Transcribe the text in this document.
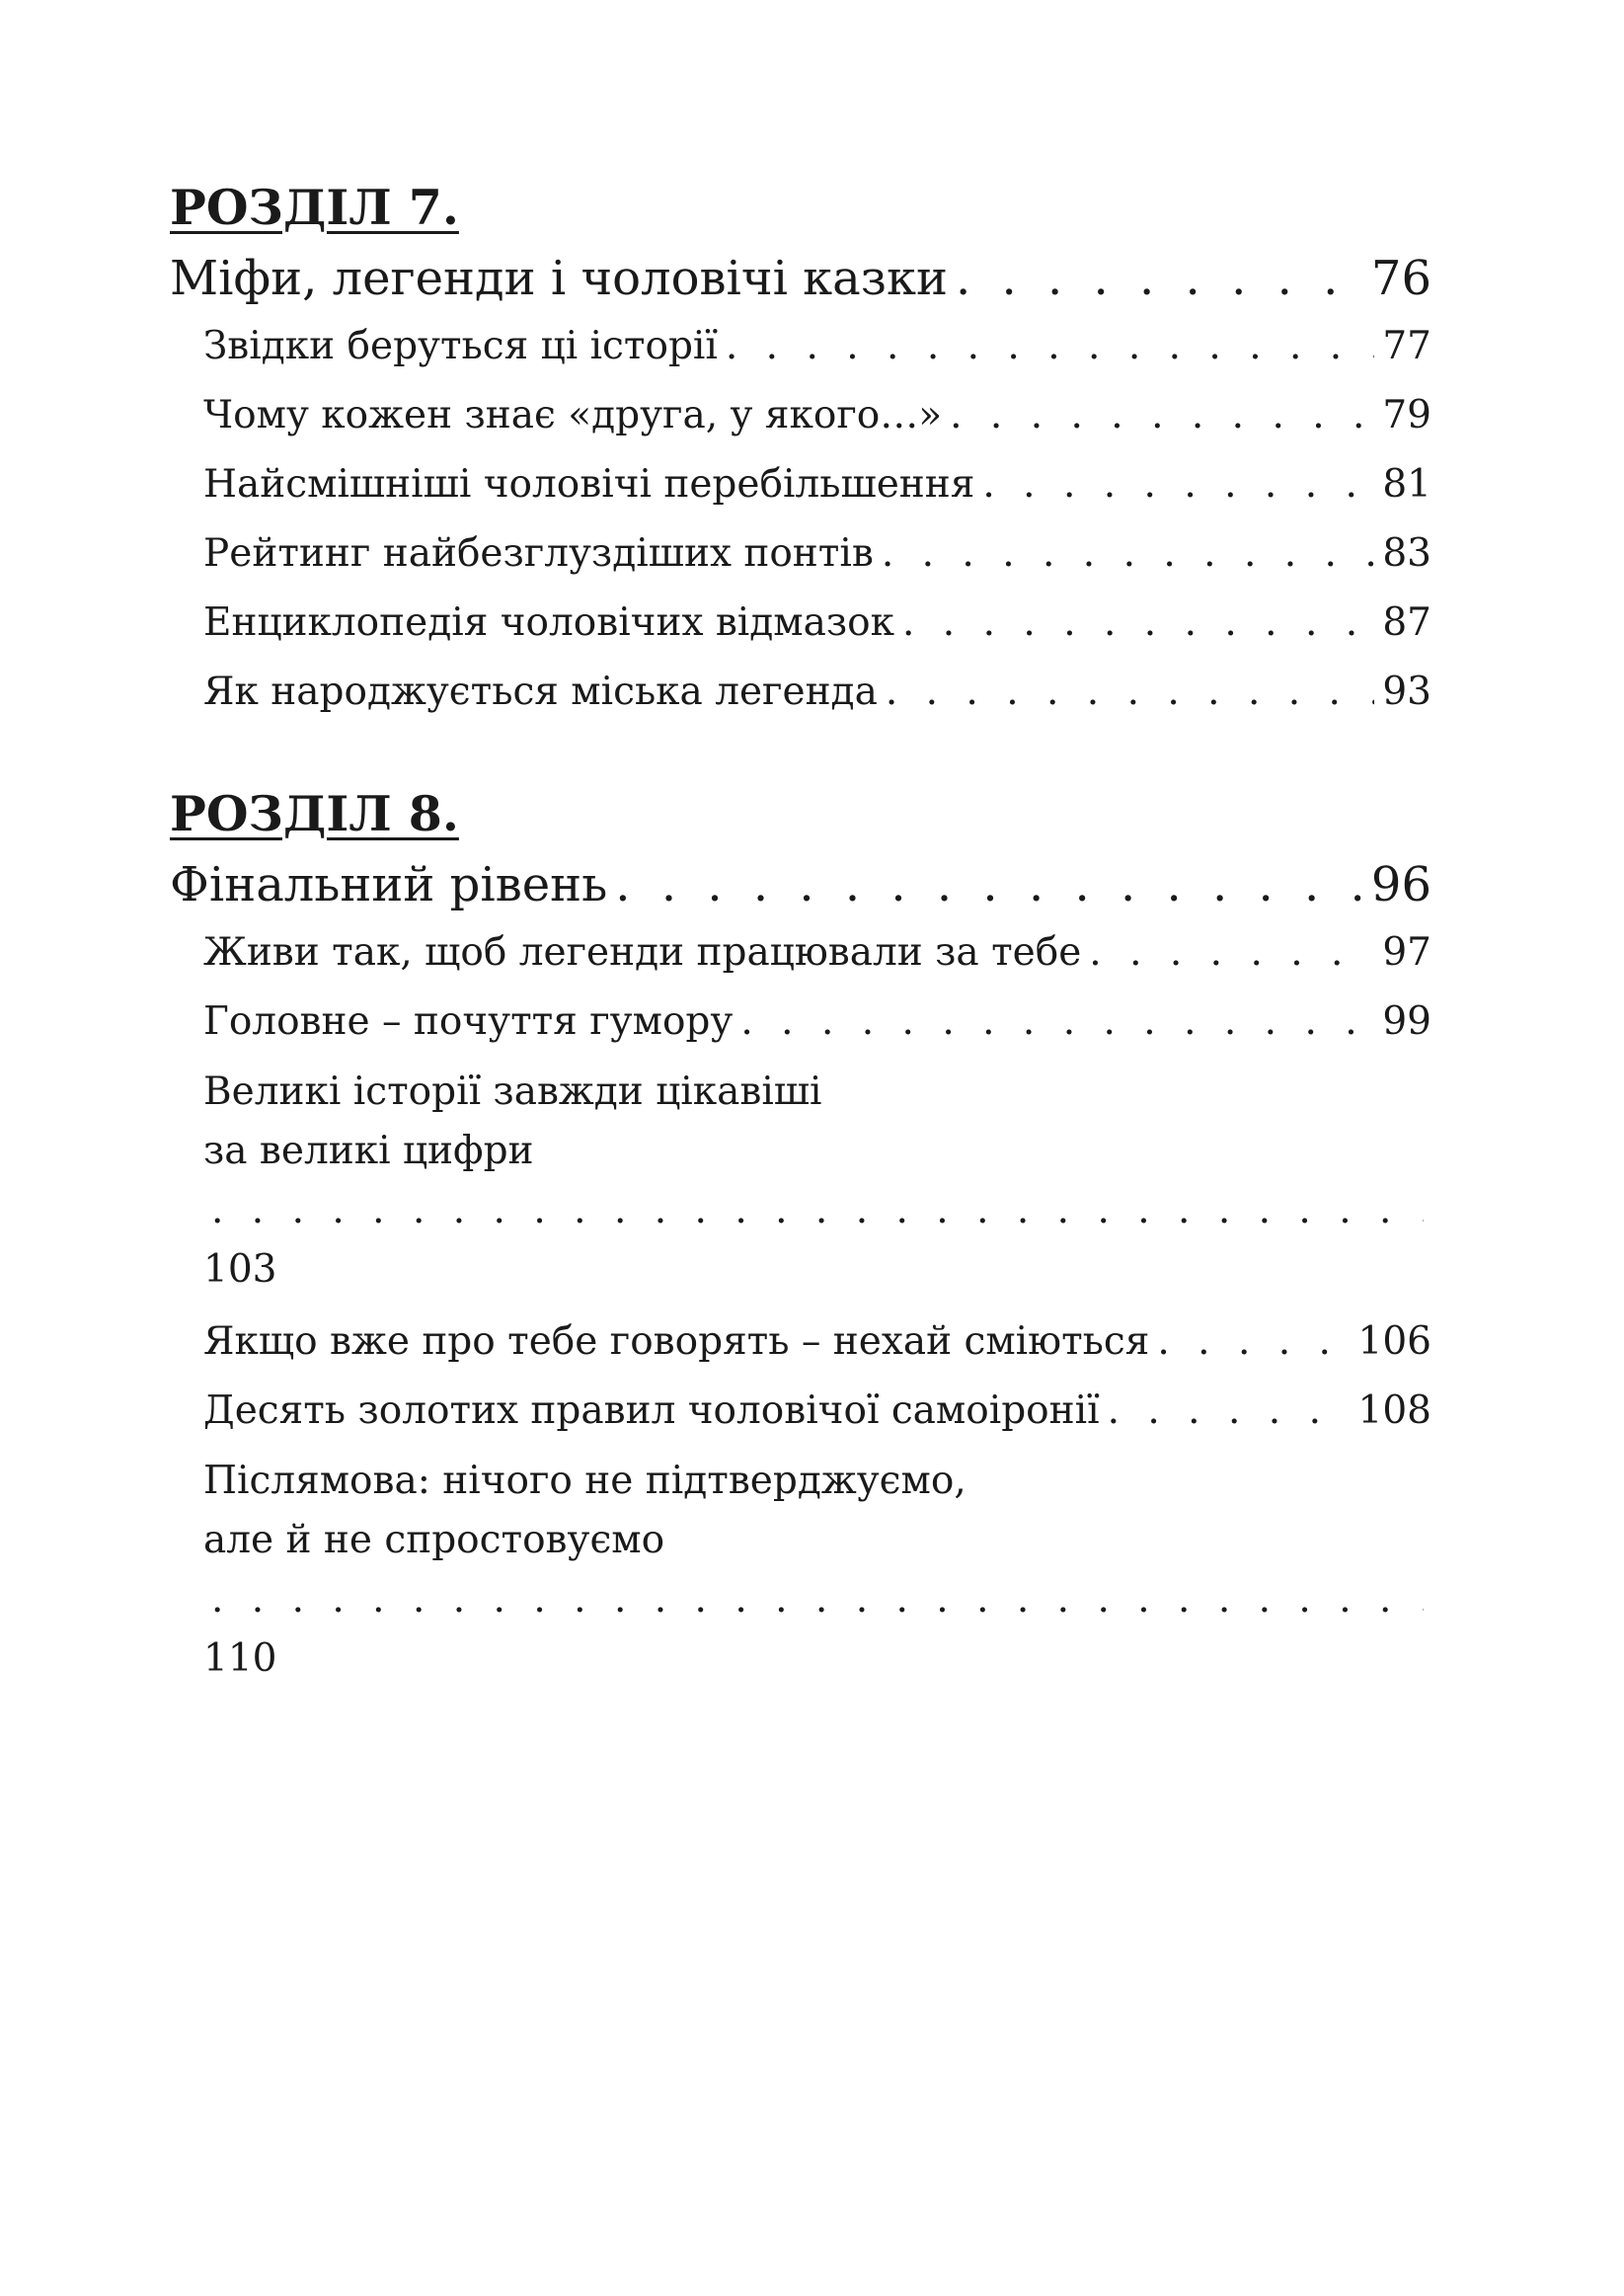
РОЗДІЛ 7.
Міфи, легенди і чоловічі казки . . .	76
Звідки беруться ці історії . . .	77
Чому кожен знає «друга, у якого…» . . .	79
Найсмішніші чоловічі перебільшення . . .	81
Рейтинг найбезглуздіших понтів . . .	83
Енциклопедія чоловічих відмазок . . .	87
Як народжується міська легенда . . .	93
РОЗДІЛ 8.
Фінальний рівень . . .	96
Живи так, щоб легенди працювали за тебе . . .	97
Головне – почуття гумору . . .	99
Великі історії завжди цікавіші
за великі цифри
. . .
103
Якщо вже про тебе говорять – нехай сміються . . .	106
Десять золотих правил чоловічої самоіронії . . .	108
Післямова: нічого не підтверджуємо,
але й не спростовуємо
. . .
110
